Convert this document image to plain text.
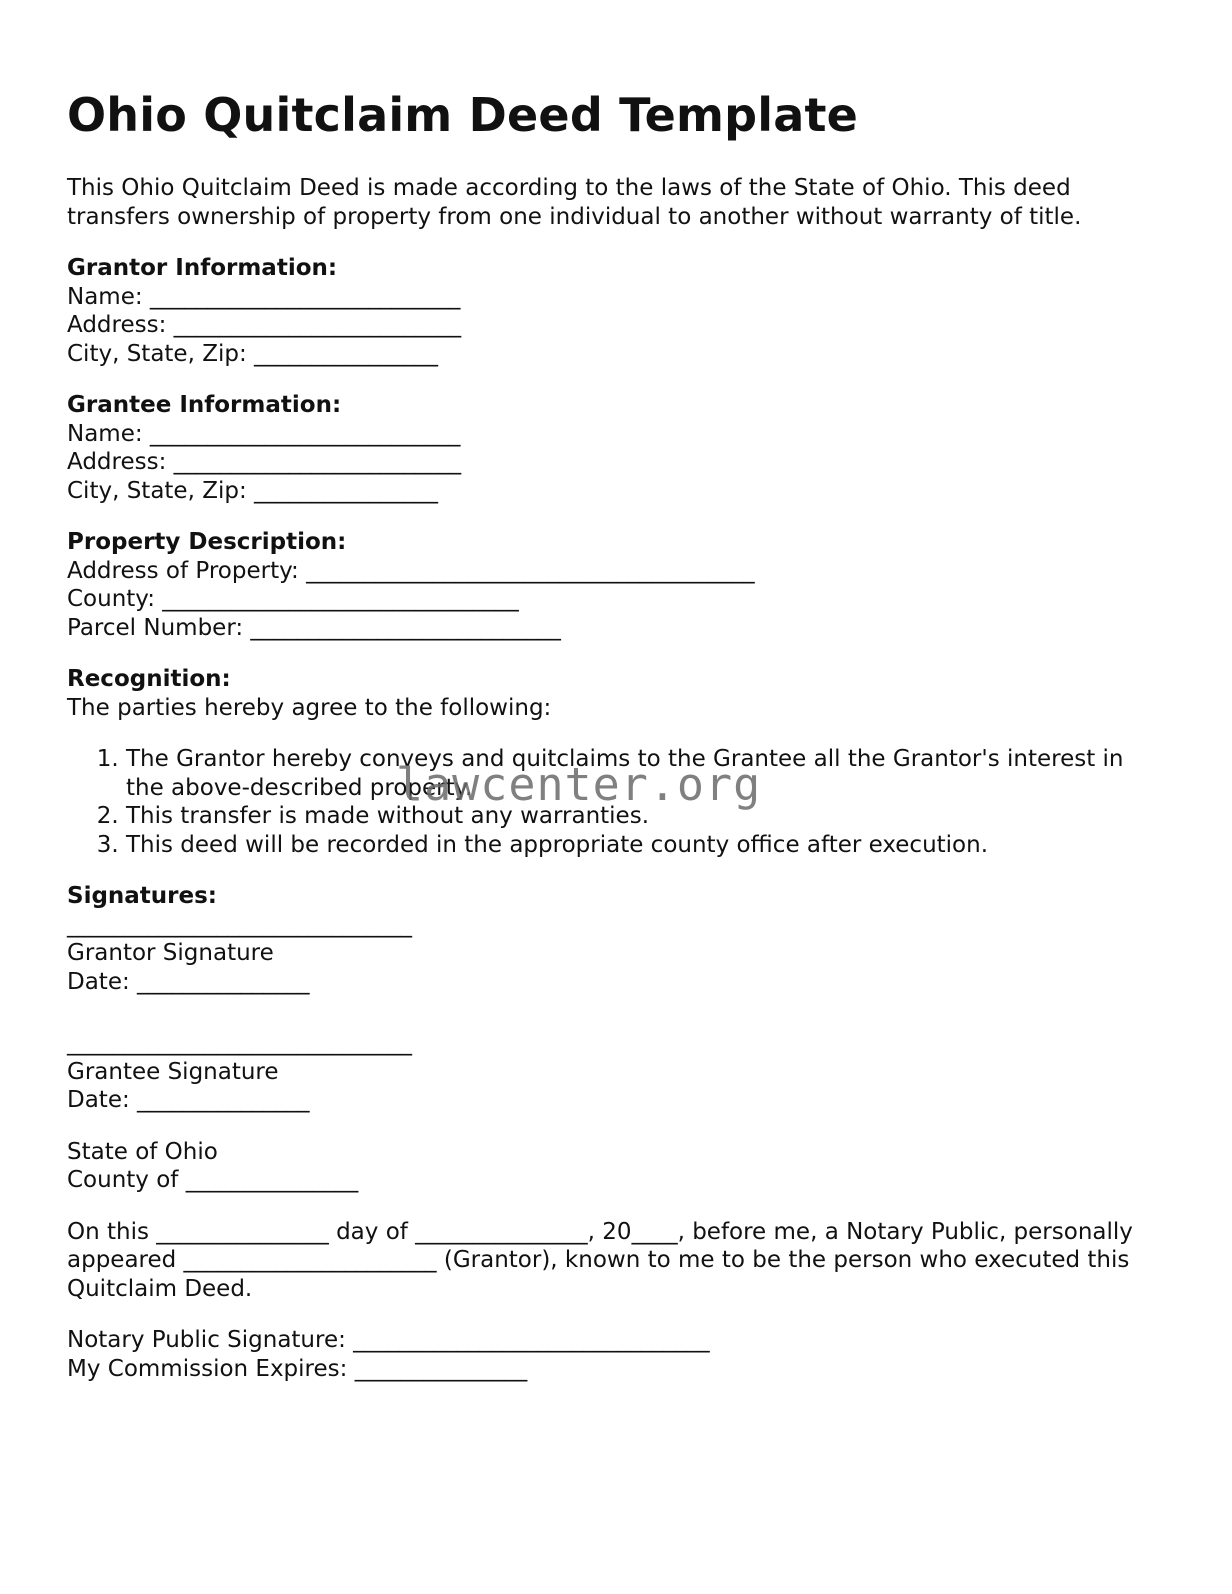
Ohio Quitclaim Deed Template

This Ohio Quitclaim Deed is made according to the laws of the State of Ohio. This deed transfers ownership of property from one individual to another without warranty of title.

Grantor Information:
Name: ___________________________
Address: _________________________
City, State, Zip: ________________
Grantee Information:
Name: ___________________________
Address: _________________________
City, State, Zip: ________________
Property Description:
Address of Property: _______________________________________
County: _______________________________
Parcel Number: ___________________________
Recognition:
The parties hereby agree to the following:
1. The Grantor hereby conveys and quitclaims to the Grantee all the Grantor's interest in the above-described property.
2. This transfer is made without any warranties.
3. This deed will be recorded in the appropriate county office after execution.
Signatures:
______________________________
Grantor Signature
Date: _______________
______________________________
Grantee Signature
Date: _______________
State of Ohio
County of _______________

On this _______________ day of _______________, 20____, before me, a Notary Public, personally appeared ______________________ (Grantor), known to me to be the person who executed this Quitclaim Deed.

Notary Public Signature: _______________________________
My Commission Expires: _______________
lawcenter.org
